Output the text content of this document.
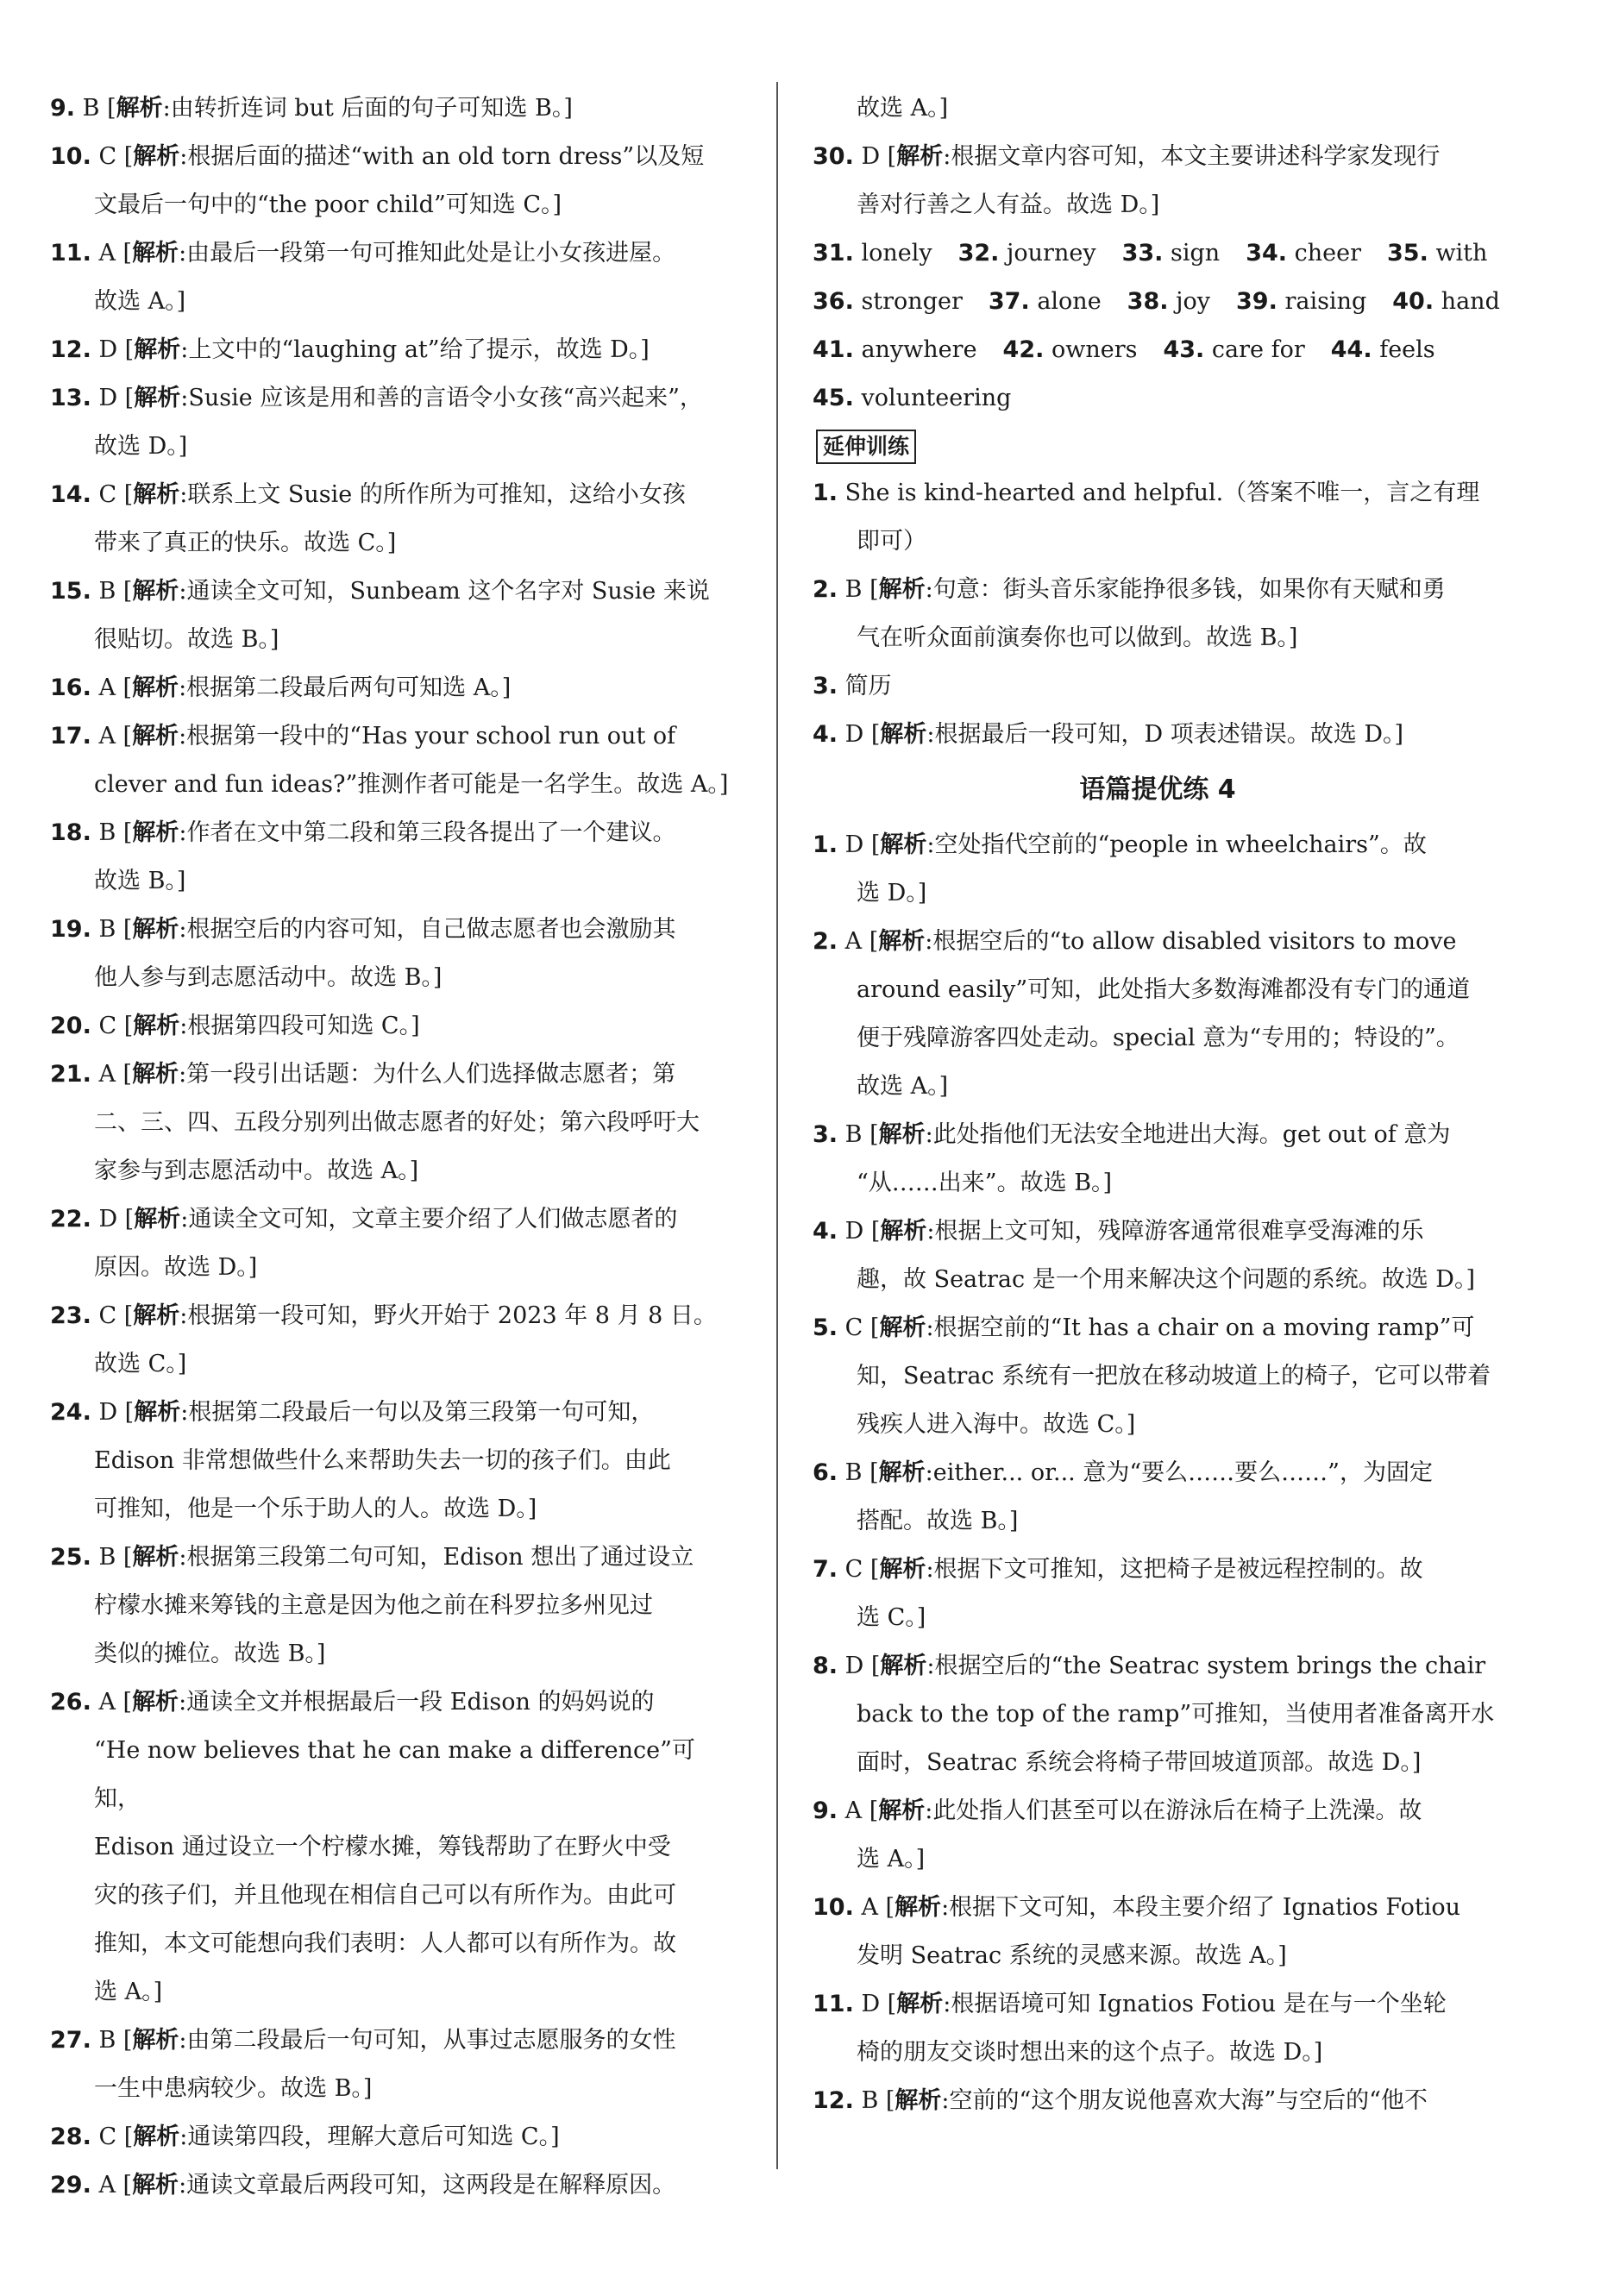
9. B [解析:由转折连词 but 后面的句子可知选 B。]

10. C [解析:根据后面的描述“with an old torn dress”以及短

文最后一句中的“the poor child”可知选 C。]

11. A [解析:由最后一段第一句可推知此处是让小女孩进屋。

故选 A。]

12. D [解析:上文中的“laughing at”给了提示，故选 D。]

13. D [解析:Susie 应该是用和善的言语令小女孩“高兴起来”，

故选 D。]

14. C [解析:联系上文 Susie 的所作所为可推知，这给小女孩

带来了真正的快乐。故选 C。]

15. B [解析:通读全文可知，Sunbeam 这个名字对 Susie 来说

很贴切。故选 B。]

16. A [解析:根据第二段最后两句可知选 A。]

17. A [解析:根据第一段中的“Has your school run out of

clever and fun ideas?”推测作者可能是一名学生。故选 A。]

18. B [解析:作者在文中第二段和第三段各提出了一个建议。

故选 B。]

19. B [解析:根据空后的内容可知，自己做志愿者也会激励其

他人参与到志愿活动中。故选 B。]

20. C [解析:根据第四段可知选 C。]

21. A [解析:第一段引出话题：为什么人们选择做志愿者；第

二、三、四、五段分别列出做志愿者的好处；第六段呼吁大

家参与到志愿活动中。故选 A。]

22. D [解析:通读全文可知，文章主要介绍了人们做志愿者的

原因。故选 D。]

23. C [解析:根据第一段可知，野火开始于 2023 年 8 月 8 日。

故选 C。]

24. D [解析:根据第二段最后一句以及第三段第一句可知，

Edison 非常想做些什么来帮助失去一切的孩子们。由此

可推知，他是一个乐于助人的人。故选 D。]

25. B [解析:根据第三段第二句可知，Edison 想出了通过设立

柠檬水摊来筹钱的主意是因为他之前在科罗拉多州见过

类似的摊位。故选 B。]

26. A [解析:通读全文并根据最后一段 Edison 的妈妈说的

“He now believes that he can make a difference”可知，

Edison 通过设立一个柠檬水摊，筹钱帮助了在野火中受

灾的孩子们，并且他现在相信自己可以有所作为。由此可

推知，本文可能想向我们表明：人人都可以有所作为。故

选 A。]

27. B [解析:由第二段最后一句可知，从事过志愿服务的女性

一生中患病较少。故选 B。]

28. C [解析:通读第四段，理解大意后可知选 C。]

29. A [解析:通读文章最后两段可知，这两段是在解释原因。

故选 A。]

30. D [解析:根据文章内容可知，本文主要讲述科学家发现行

善对行善之人有益。故选 D。]

31. lonely 32. journey 33. sign 34. cheer 35. with

36. stronger 37. alone 38. joy 39. raising 40. hand

41. anywhere 42. owners 43. care for 44. feels

45. volunteering

延伸训练

1. She is kind-hearted and helpful.（答案不唯一，言之有理

即可）

2. B [解析:句意：街头音乐家能挣很多钱，如果你有天赋和勇

气在听众面前演奏你也可以做到。故选 B。]

3. 简历

4. D [解析:根据最后一段可知，D 项表述错误。故选 D。]

语篇提优练 4

1. D [解析:空处指代空前的“people in wheelchairs”。故

选 D。]

2. A [解析:根据空后的“to allow disabled visitors to move

around easily”可知，此处指大多数海滩都没有专门的通道

便于残障游客四处走动。special 意为“专用的；特设的”。

故选 A。]

3. B [解析:此处指他们无法安全地进出大海。get out of 意为

“从……出来”。故选 B。]

4. D [解析:根据上文可知，残障游客通常很难享受海滩的乐

趣，故 Seatrac 是一个用来解决这个问题的系统。故选 D。]

5. C [解析:根据空前的“It has a chair on a moving ramp”可

知，Seatrac 系统有一把放在移动坡道上的椅子，它可以带着

残疾人进入海中。故选 C。]

6. B [解析:either... or... 意为“要么……要么……”，为固定

搭配。故选 B。]

7. C [解析:根据下文可推知，这把椅子是被远程控制的。故

选 C。]

8. D [解析:根据空后的“the Seatrac system brings the chair

back to the top of the ramp”可推知，当使用者准备离开水

面时，Seatrac 系统会将椅子带回坡道顶部。故选 D。]

9. A [解析:此处指人们甚至可以在游泳后在椅子上洗澡。故

选 A。]

10. A [解析:根据下文可知，本段主要介绍了 Ignatios Fotiou

发明 Seatrac 系统的灵感来源。故选 A。]

11. D [解析:根据语境可知 Ignatios Fotiou 是在与一个坐轮

椅的朋友交谈时想出来的这个点子。故选 D。]

12. B [解析:空前的“这个朋友说他喜欢大海”与空后的“他不
